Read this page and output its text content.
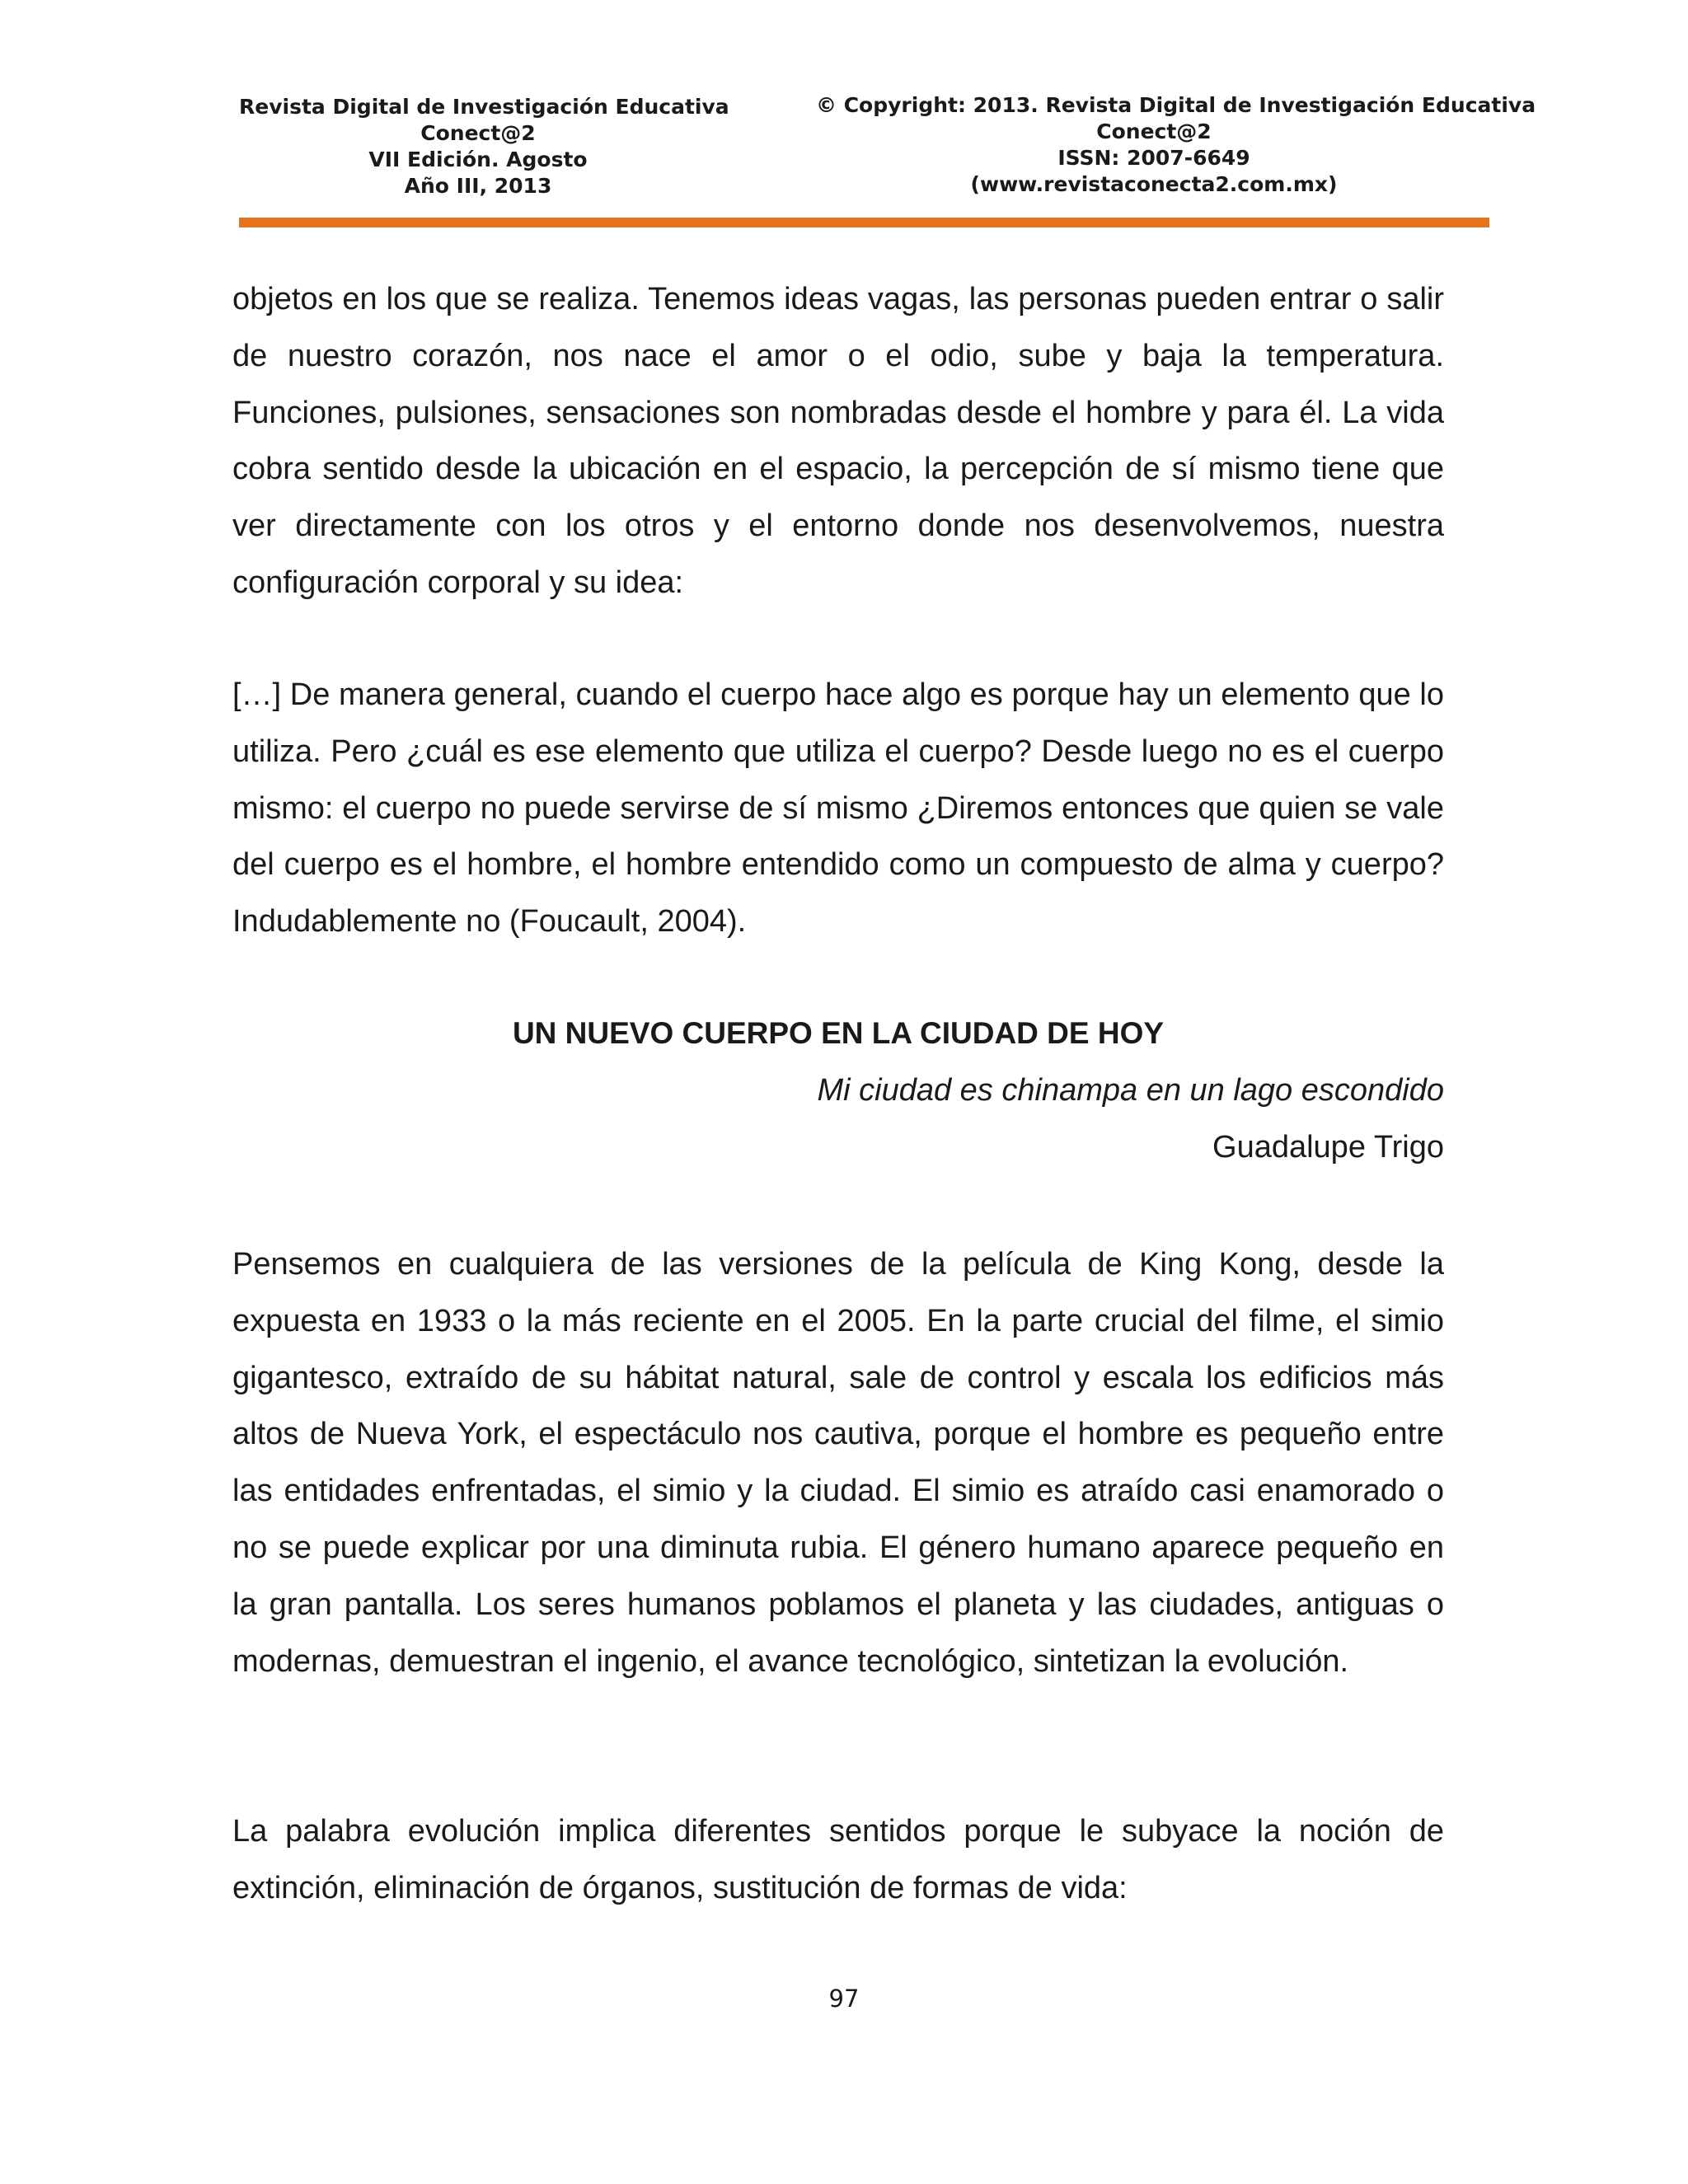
Revista Digital de Investigación Educativa
Conect@2
VII Edición. Agosto
Año III, 2013
© Copyright: 2013. Revista Digital de Investigación Educativa
Conect@2
ISSN: 2007-6649
(www.revistaconecta2.com.mx)

objetos en los que se realiza. Tenemos ideas vagas, las personas pueden entrar o salir de nuestro corazón, nos nace el amor o el odio, sube y baja la temperatura. Funciones, pulsiones, sensaciones son nombradas desde el hombre y para él. La vida cobra sentido desde la ubicación en el espacio, la percepción de sí mismo tiene que ver directamente con los otros y el entorno donde nos desenvolvemos, nuestra configuración corporal y su idea:

[…] De manera general, cuando el cuerpo hace algo es porque hay un elemento que lo utiliza. Pero ¿cuál es ese elemento que utiliza el cuerpo? Desde luego no es el cuerpo mismo: el cuerpo no puede servirse de sí mismo ¿Diremos entonces que quien se vale del cuerpo es el hombre, el hombre entendido como un compuesto de alma y cuerpo? Indudablemente no (Foucault, 2004).

UN NUEVO CUERPO EN LA CIUDAD DE HOY
Mi ciudad es chinampa en un lago escondido
Guadalupe Trigo

Pensemos en cualquiera de las versiones de la película de King Kong, desde la expuesta en 1933 o la más reciente en el 2005. En la parte crucial del filme, el simio gigantesco, extraído de su hábitat natural, sale de control y escala los edificios más altos de Nueva York, el espectáculo nos cautiva, porque el hombre es pequeño entre las entidades enfrentadas, el simio y la ciudad. El simio es atraído casi enamorado o no se puede explicar por una diminuta rubia. El género humano aparece pequeño en la gran pantalla. Los seres humanos poblamos el planeta y las ciudades, antiguas o modernas, demuestran el ingenio, el avance tecnológico, sintetizan la evolución.

La palabra evolución implica diferentes sentidos porque le subyace la noción de extinción, eliminación de órganos, sustitución de formas de vida:

97
